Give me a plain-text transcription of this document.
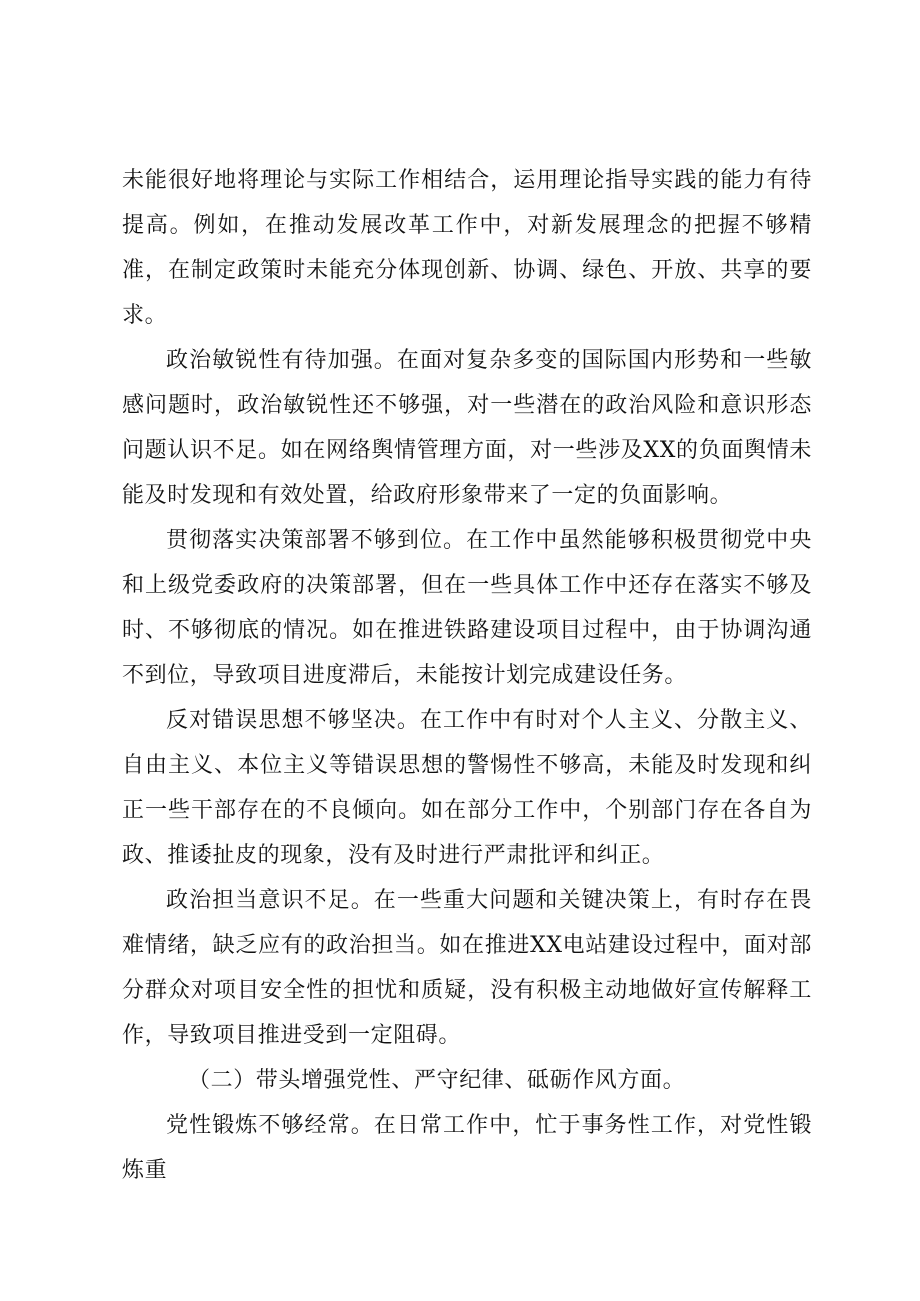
未能很好地将理论与实际工作相结合，运用理论指导实践的能力有待提高。例如，在推动发展改革工作中，对新发展理念的把握不够精准，在制定政策时未能充分体现创新、协调、绿色、开放、共享的要求。

政治敏锐性有待加强。在面对复杂多变的国际国内形势和一些敏感问题时，政治敏锐性还不够强，对一些潜在的政治风险和意识形态问题认识不足。如在网络舆情管理方面，对一些涉及XX的负面舆情未能及时发现和有效处置，给政府形象带来了一定的负面影响。

贯彻落实决策部署不够到位。在工作中虽然能够积极贯彻党中央和上级党委政府的决策部署，但在一些具体工作中还存在落实不够及时、不够彻底的情况。如在推进铁路建设项目过程中，由于协调沟通不到位，导致项目进度滞后，未能按计划完成建设任务。

反对错误思想不够坚决。在工作中有时对个人主义、分散主义、自由主义、本位主义等错误思想的警惕性不够高，未能及时发现和纠正一些干部存在的不良倾向。如在部分工作中，个别部门存在各自为政、推诿扯皮的现象，没有及时进行严肃批评和纠正。

政治担当意识不足。在一些重大问题和关键决策上，有时存在畏难情绪，缺乏应有的政治担当。如在推进XX电站建设过程中，面对部分群众对项目安全性的担忧和质疑，没有积极主动地做好宣传解释工作，导致项目推进受到一定阻碍。

（二）带头增强党性、严守纪律、砥砺作风方面。

党性锻炼不够经常。在日常工作中，忙于事务性工作，对党性锻炼重
